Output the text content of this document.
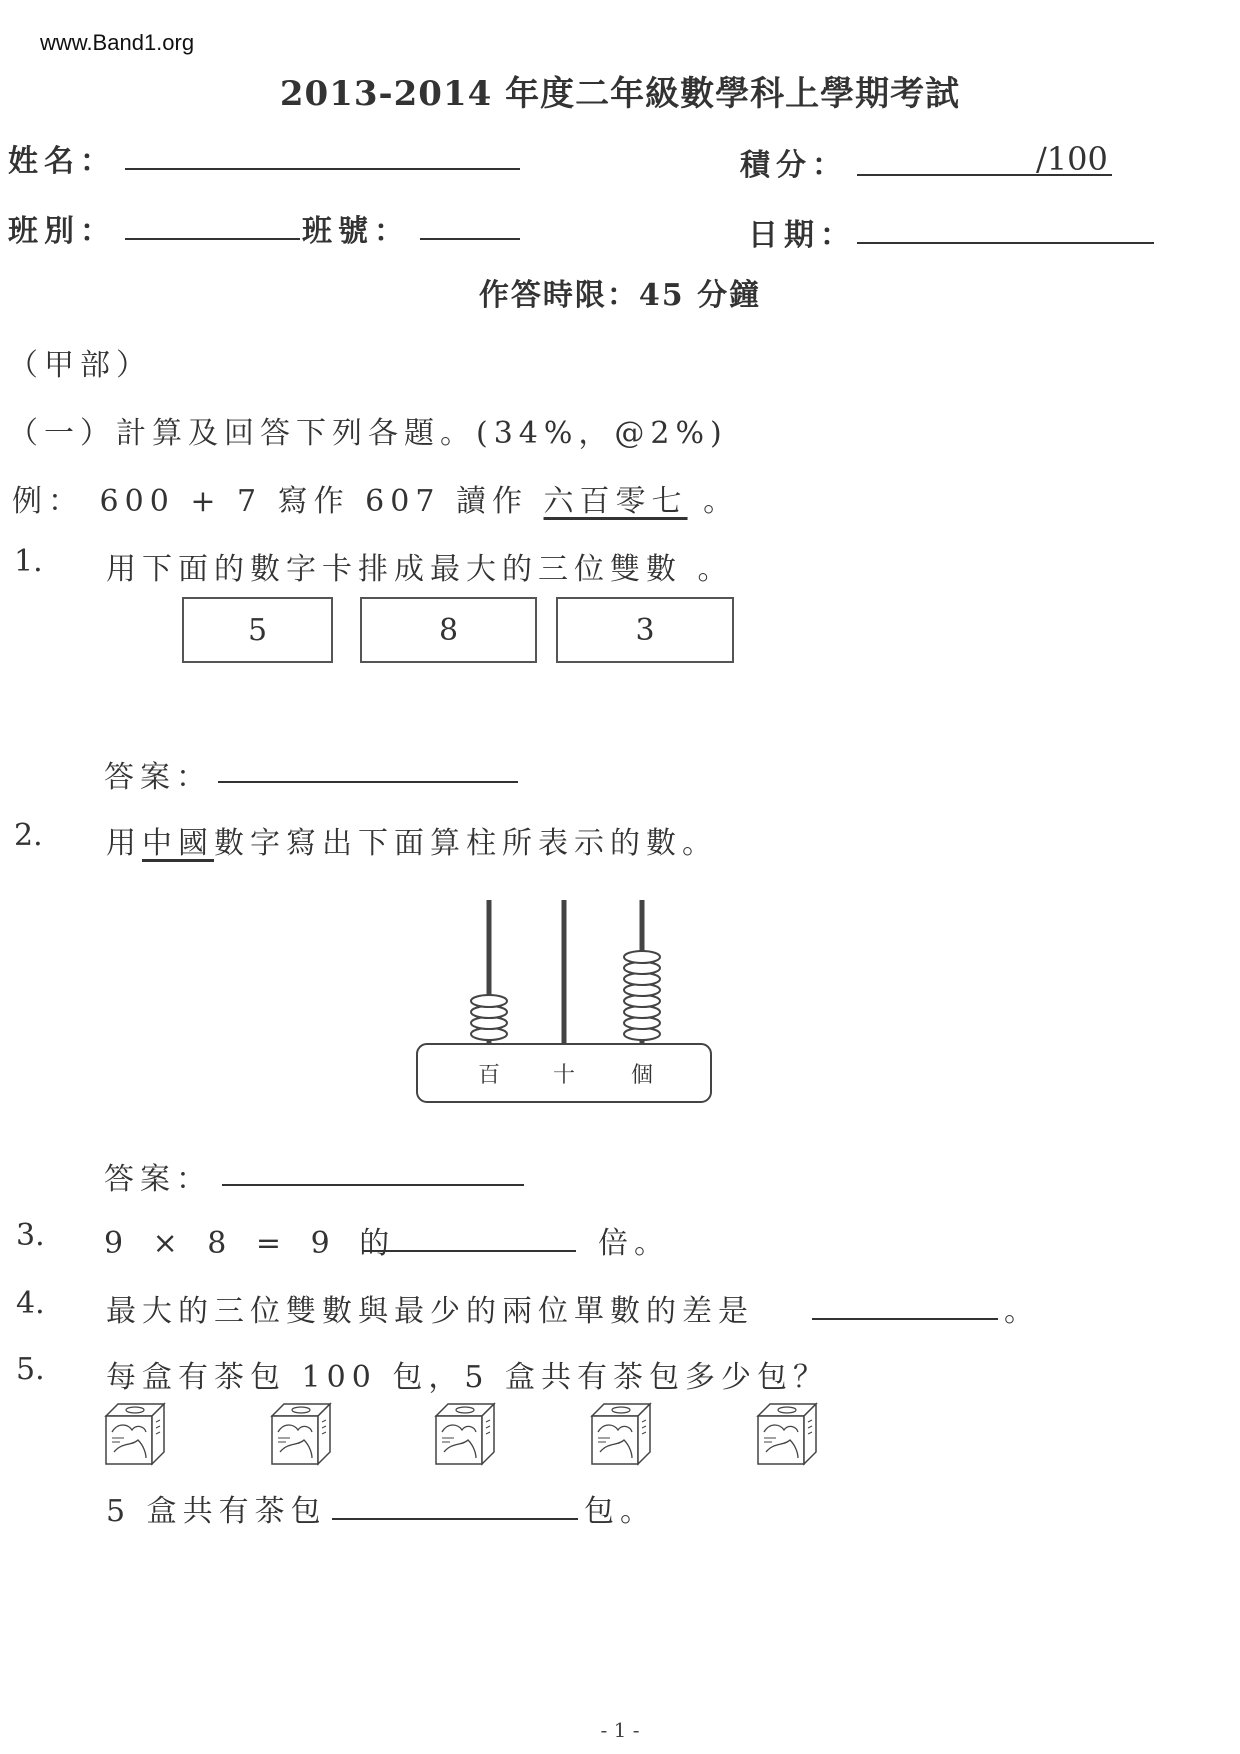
www.Band1.org
2013-2014 年度二年級數學科上學期考試
姓名：	積分：	/100
班別：	班號：	日期：
作答時限：45 分鐘
（甲部）
（一）計算及回答下列各題。(34%，@2%)
例： 600 + 7 寫作 607 讀作 六百零七 。
1. 用下面的數字卡排成最大的三位雙數 。
5	8	3
答案：
2. 用中國數字寫出下面算柱所表示的數。
百 十	個
答案：
3. 9 × 8 = 9 的	倍。
4. 最大的三位雙數與最少的兩位單數的差是	。
5. 每盒有茶包 100 包，5 盒共有茶包多少包？
5 盒共有茶包	包。
- 1 -
